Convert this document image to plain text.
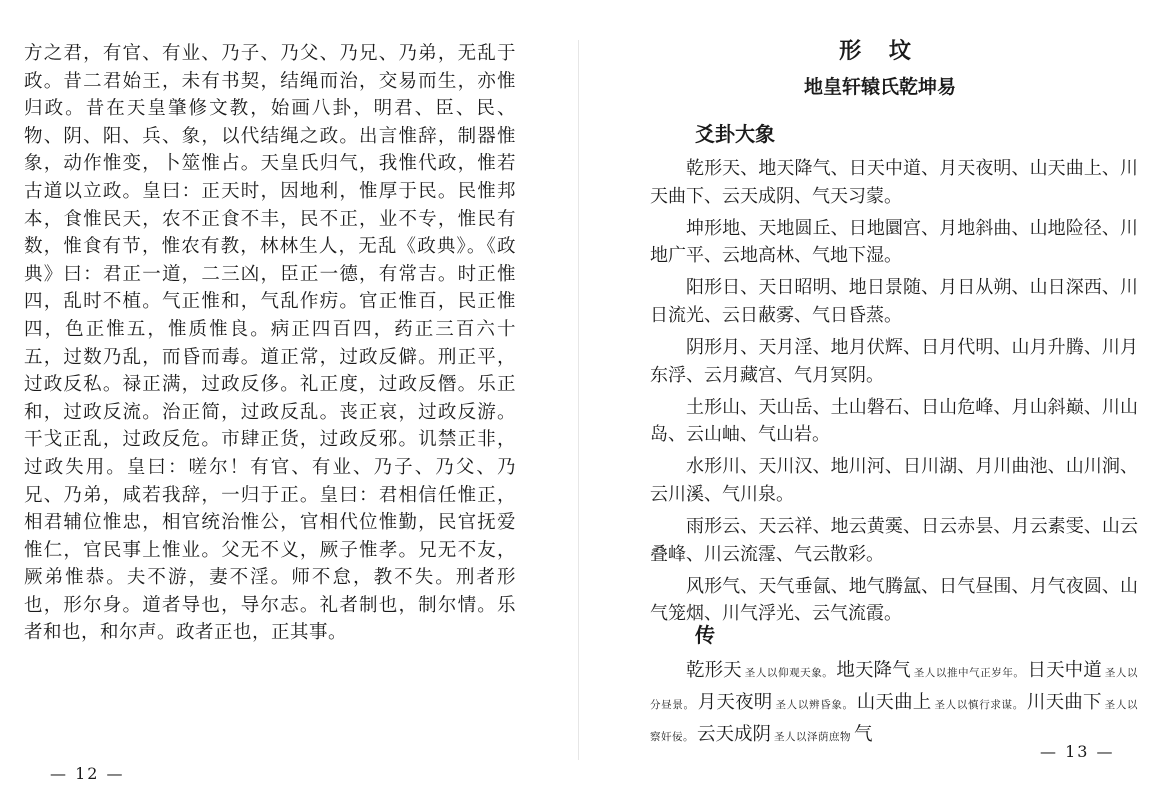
方之君，有官、有业、乃子、乃父、乃兄、乃弟，无乱于政。昔二君始王，未有书契，结绳而治，交易而生，亦惟归政。昔在天皇肇修文教，始画八卦，明君、臣、民、物、阴、阳、兵、象，以代结绳之政。出言惟辞，制器惟象，动作惟变，卜筮惟占。天皇氏归气，我惟代政，惟若古道以立政。皇曰：正天时，因地利，惟厚于民。民惟邦本，食惟民天，农不正食不丰，民不正，业不专，惟民有数，惟食有节，惟农有教，林林生人，无乱《政典》。《政典》曰：君正一道，二三凶，臣正一德，有常吉。时正惟四，乱时不植。气正惟和，气乱作疠。官正惟百，民正惟四，色正惟五，惟质惟良。病正四百四，药正三百六十五，过数乃乱，而昏而毒。道正常，过政反僻。刑正平，过政反私。禄正满，过政反侈。礼正度，过政反僭。乐正和，过政反流。治正简，过政反乱。丧正哀，过政反游。干戈正乱，过政反危。市肆正货，过政反邪。讥禁正非，过政失用。皇曰：嗟尔！有官、有业、乃子、乃父、乃兄、乃弟，咸若我辞，一归于正。皇曰：君相信任惟正，相君辅位惟忠，相官统治惟公，官相代位惟勤，民官抚爱惟仁，官民事上惟业。父无不义，厥子惟孝。兄无不友，厥弟惟恭。夫不游，妻不淫。师不怠，教不失。刑者形也，形尔身。道者导也，导尔志。礼者制也，制尔情。乐者和也，和尔声。政者正也，正其事。

— 12 —

形 坟
地皇轩辕氏乾坤易
爻卦大象

乾形天、地天降气、日天中道、月天夜明、山天曲上、川天曲下、云天成阴、气天习蒙。

坤形地、天地圆丘、日地圜宫、月地斜曲、山地险径、川地广平、云地高林、气地下湿。

阳形日、天日昭明、地日景随、月日从朔、山日深西、川日流光、云日蔽雾、气日昏蒸。

阴形月、天月淫、地月伏辉、日月代明、山月升腾、川月东浮、云月藏宫、气月冥阴。

土形山、天山岳、土山磐石、日山危峰、月山斜巅、川山岛、云山岫、气山岩。

水形川、天川汉、地川河、日川湖、月川曲池、山川涧、云川溪、气川泉。

雨形云、天云祥、地云黄霙、日云赤昙、月云素雯、山云叠峰、川云流霪、气云散彩。

风形气、天气垂氤、地气腾氲、日气昼围、月气夜圆、山气笼烟、川气浮光、云气流霞。

传

乾形天 圣人以仰观天象。 地天降气 圣人以推中气正岁年。 日天中道 圣人以分昼景。 月天夜明 圣人以辨昏象。 山天曲上 圣人以慎行求谋。 川天曲下 圣人以察奸佞。 云天成阴 圣人以泽荫庶物 气

— 13 —
